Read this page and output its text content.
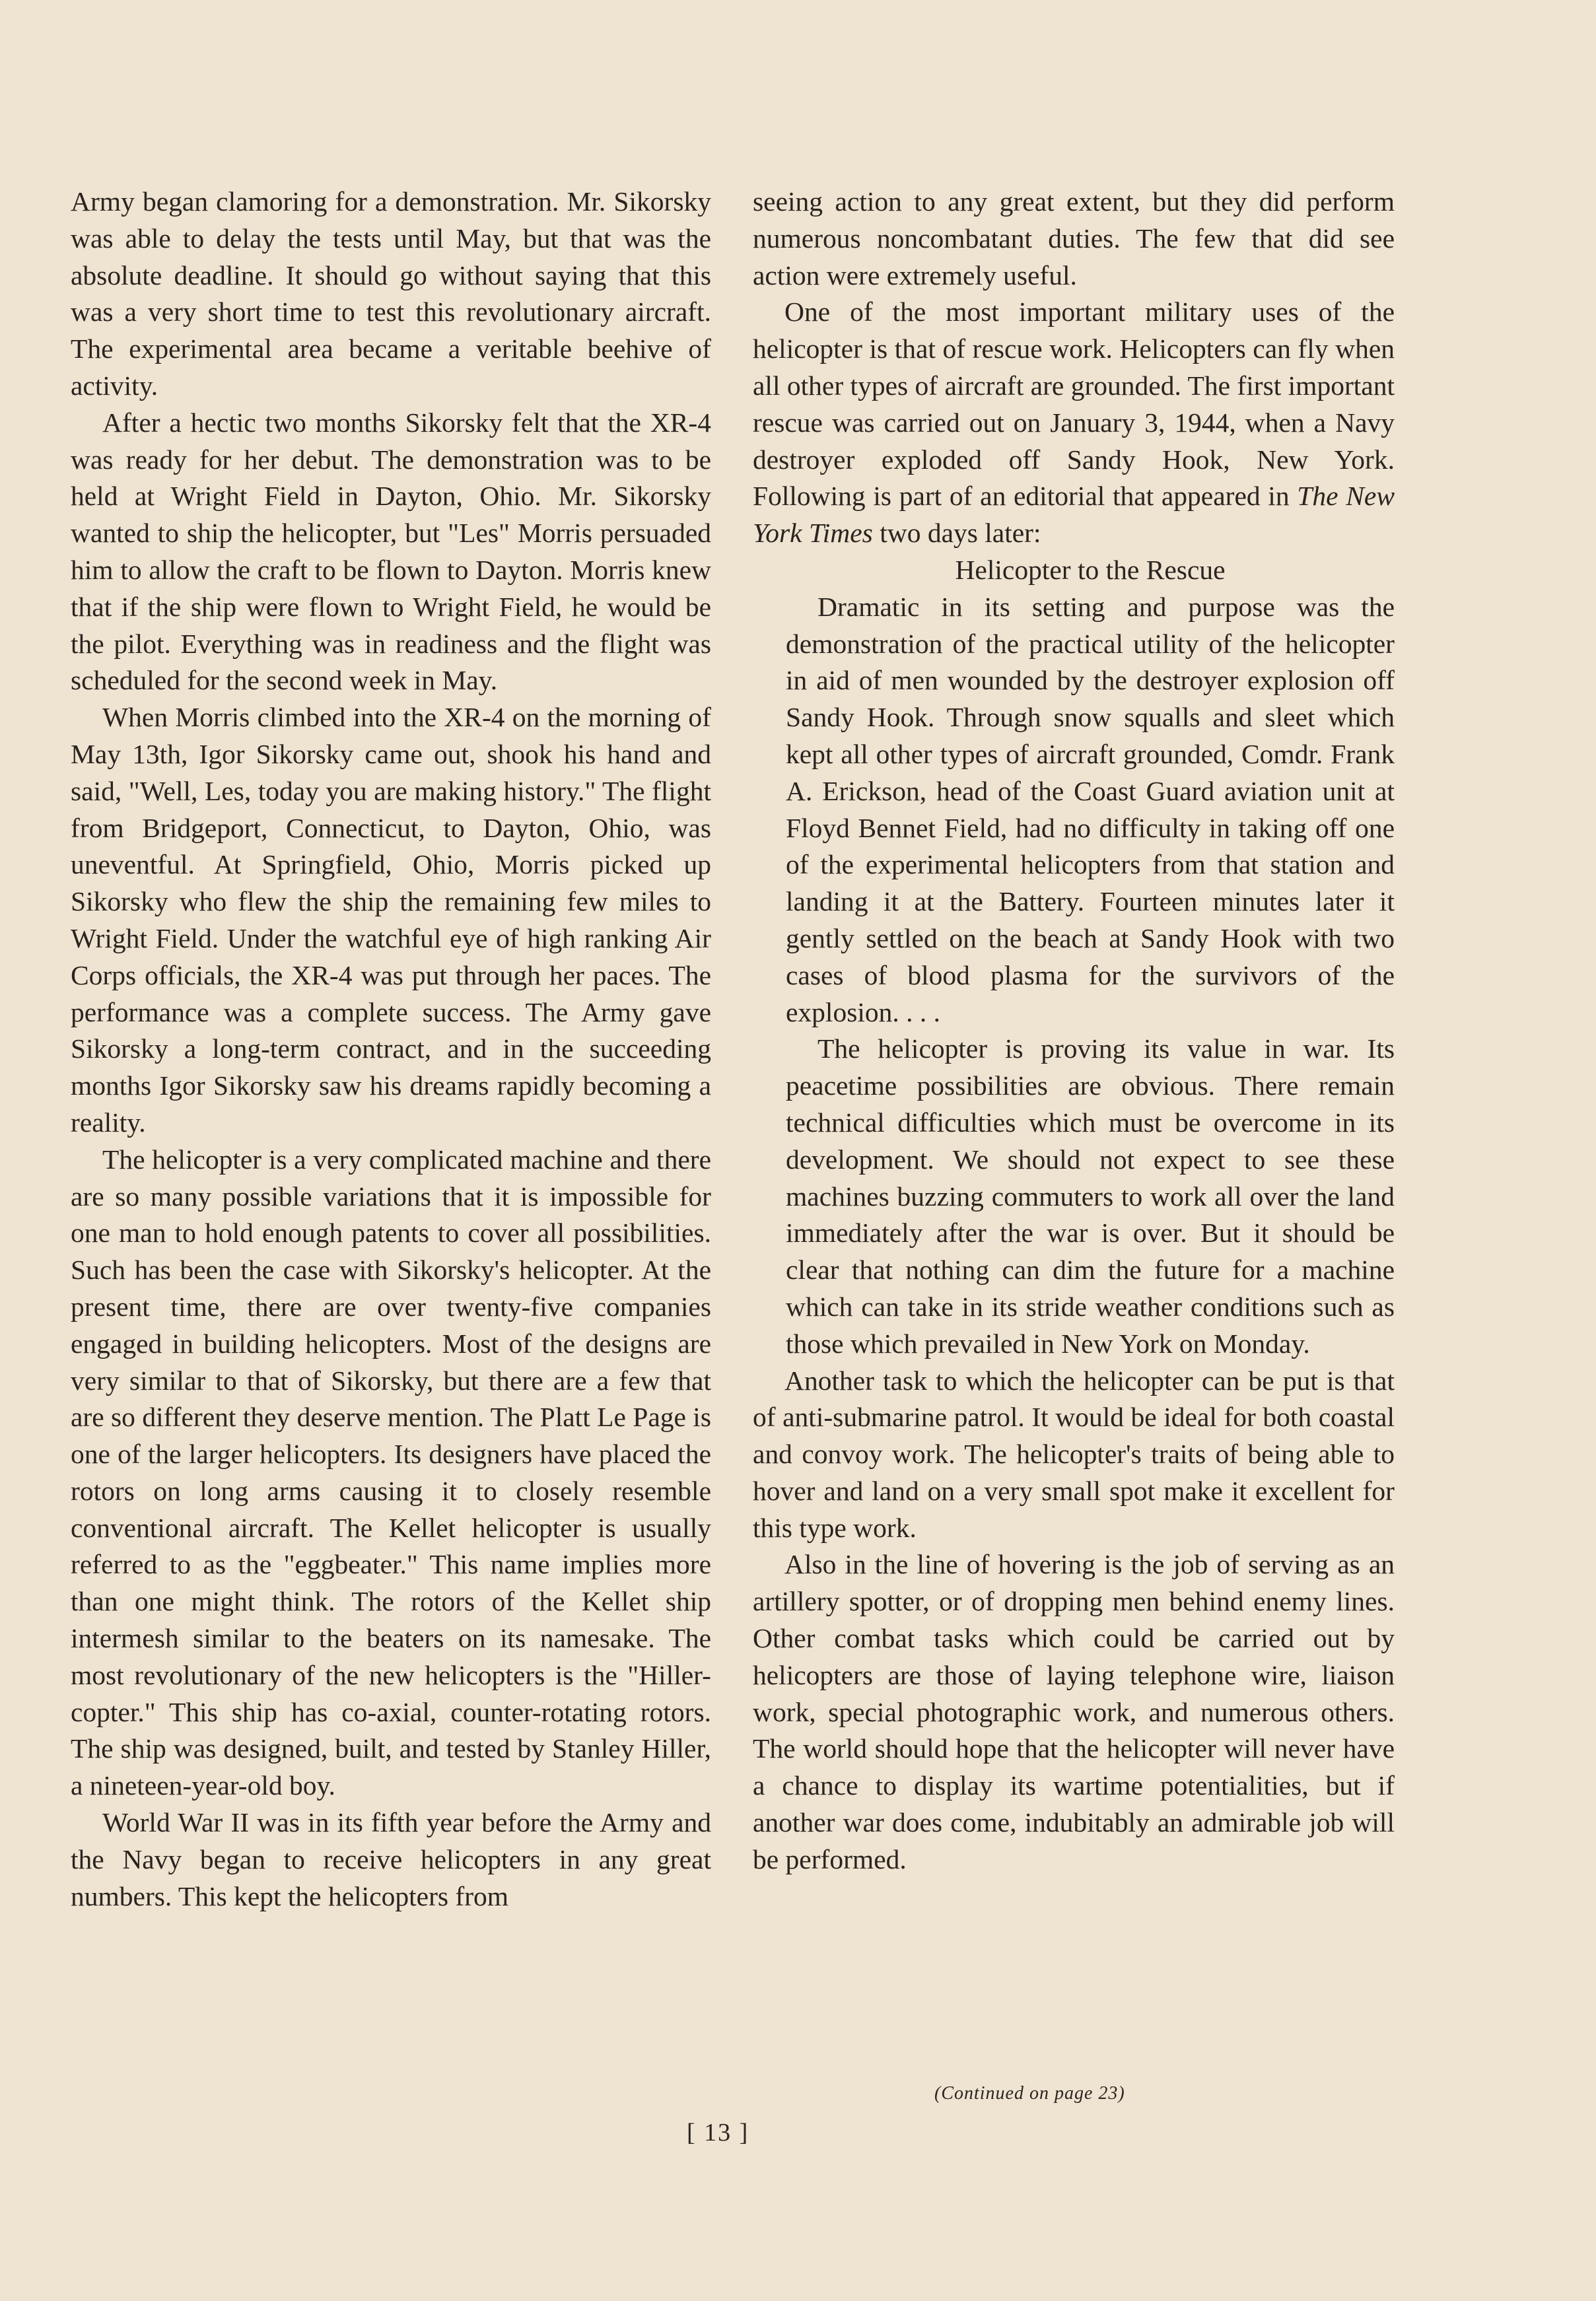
Army began clamoring for a demonstration. Mr. Sikorsky was able to delay the tests until May, but that was the absolute deadline. It should go without saying that this was a very short time to test this revolutionary aircraft. The experimental area became a veritable beehive of activity.

After a hectic two months Sikorsky felt that the XR-4 was ready for her debut. The demonstration was to be held at Wright Field in Dayton, Ohio. Mr. Sikorsky wanted to ship the helicopter, but "Les" Morris persuaded him to allow the craft to be flown to Dayton. Morris knew that if the ship were flown to Wright Field, he would be the pilot. Everything was in readiness and the flight was scheduled for the second week in May.

When Morris climbed into the XR-4 on the morning of May 13th, Igor Sikorsky came out, shook his hand and said, "Well, Les, today you are making history." The flight from Bridgeport, Connecticut, to Dayton, Ohio, was uneventful. At Springfield, Ohio, Morris picked up Sikorsky who flew the ship the remaining few miles to Wright Field. Under the watchful eye of high ranking Air Corps officials, the XR-4 was put through her paces. The performance was a complete success. The Army gave Sikorsky a long-term contract, and in the succeeding months Igor Sikorsky saw his dreams rapidly becoming a reality.

The helicopter is a very complicated machine and there are so many possible variations that it is impossible for one man to hold enough patents to cover all possibilities. Such has been the case with Sikorsky's helicopter. At the present time, there are over twenty-five companies engaged in building helicopters. Most of the designs are very similar to that of Sikorsky, but there are a few that are so different they deserve mention. The Platt Le Page is one of the larger helicopters. Its designers have placed the rotors on long arms causing it to closely resemble conventional aircraft. The Kellet helicopter is usually referred to as the "eggbeater." This name implies more than one might think. The rotors of the Kellet ship intermesh similar to the beaters on its namesake. The most revolutionary of the new helicopters is the "Hiller-copter." This ship has co-axial, counter-rotating rotors. The ship was designed, built, and tested by Stanley Hiller, a nineteen-year-old boy.

World War II was in its fifth year before the Army and the Navy began to receive helicopters in any great numbers. This kept the helicopters from

seeing action to any great extent, but they did perform numerous noncombatant duties. The few that did see action were extremely useful.

One of the most important military uses of the helicopter is that of rescue work. Helicopters can fly when all other types of aircraft are grounded. The first important rescue was carried out on January 3, 1944, when a Navy destroyer exploded off Sandy Hook, New York. Following is part of an editorial that appeared in The New York Times two days later:

Helicopter to the Rescue

Dramatic in its setting and purpose was the demonstration of the practical utility of the helicopter in aid of men wounded by the destroyer explosion off Sandy Hook. Through snow squalls and sleet which kept all other types of aircraft grounded, Comdr. Frank A. Erickson, head of the Coast Guard aviation unit at Floyd Bennet Field, had no difficulty in taking off one of the experimental helicopters from that station and landing it at the Battery. Fourteen minutes later it gently settled on the beach at Sandy Hook with two cases of blood plasma for the survivors of the explosion. . . .

The helicopter is proving its value in war. Its peacetime possibilities are obvious. There remain technical difficulties which must be overcome in its development. We should not expect to see these machines buzzing commuters to work all over the land immediately after the war is over. But it should be clear that nothing can dim the future for a machine which can take in its stride weather conditions such as those which prevailed in New York on Monday.

Another task to which the helicopter can be put is that of anti-submarine patrol. It would be ideal for both coastal and convoy work. The helicopter's traits of being able to hover and land on a very small spot make it excellent for this type work.

Also in the line of hovering is the job of serving as an artillery spotter, or of dropping men behind enemy lines. Other combat tasks which could be carried out by helicopters are those of laying telephone wire, liaison work, special photographic work, and numerous others. The world should hope that the helicopter will never have a chance to display its wartime potentialities, but if another war does come, indubitably an admirable job will be performed.

(Continued on page 23)
[ 13 ]
